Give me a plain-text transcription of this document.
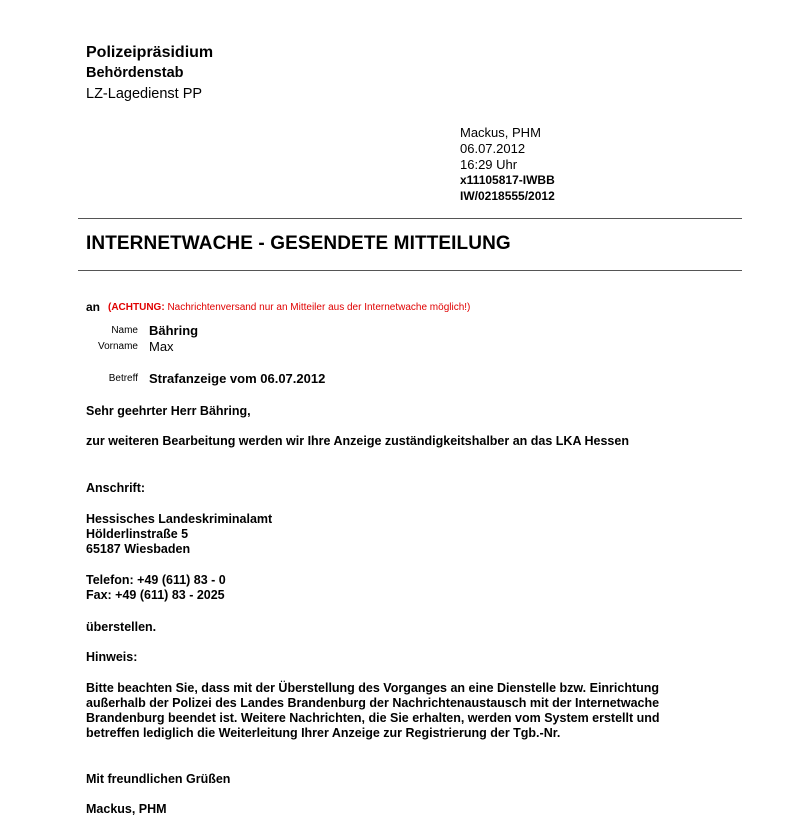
Polizeipräsidium
Behördenstab
LZ-Lagedienst PP
Mackus, PHM
06.07.2012
16:29 Uhr
x11105817-IWBB
IW/0218555/2012
INTERNETWACHE - GESENDETE MITTEILUNG
an (ACHTUNG: Nachrichtenversand nur an Mitteiler aus der Internetwache möglich!)
Name Bähring
Vorname Max
Betreff Strafanzeige vom 06.07.2012
Sehr geehrter Herr Bähring,
zur weiteren Bearbeitung werden wir Ihre Anzeige zuständigkeitshalber an das LKA Hessen
Anschrift:
Hessisches Landeskriminalamt
Hölderlinstraße 5
65187 Wiesbaden
Telefon: +49 (611) 83 - 0
Fax: +49 (611) 83 - 2025
überstellen.
Hinweis:
Bitte beachten Sie, dass mit der Überstellung des Vorganges an eine Dienstelle bzw. Einrichtung
außerhalb der Polizei des Landes Brandenburg der Nachrichtenaustausch mit der Internetwache
Brandenburg beendet ist. Weitere Nachrichten, die Sie erhalten, werden vom System erstellt und
betreffen lediglich die Weiterleitung Ihrer Anzeige zur Registrierung der Tgb.-Nr.
Mit freundlichen Grüßen
Mackus, PHM
